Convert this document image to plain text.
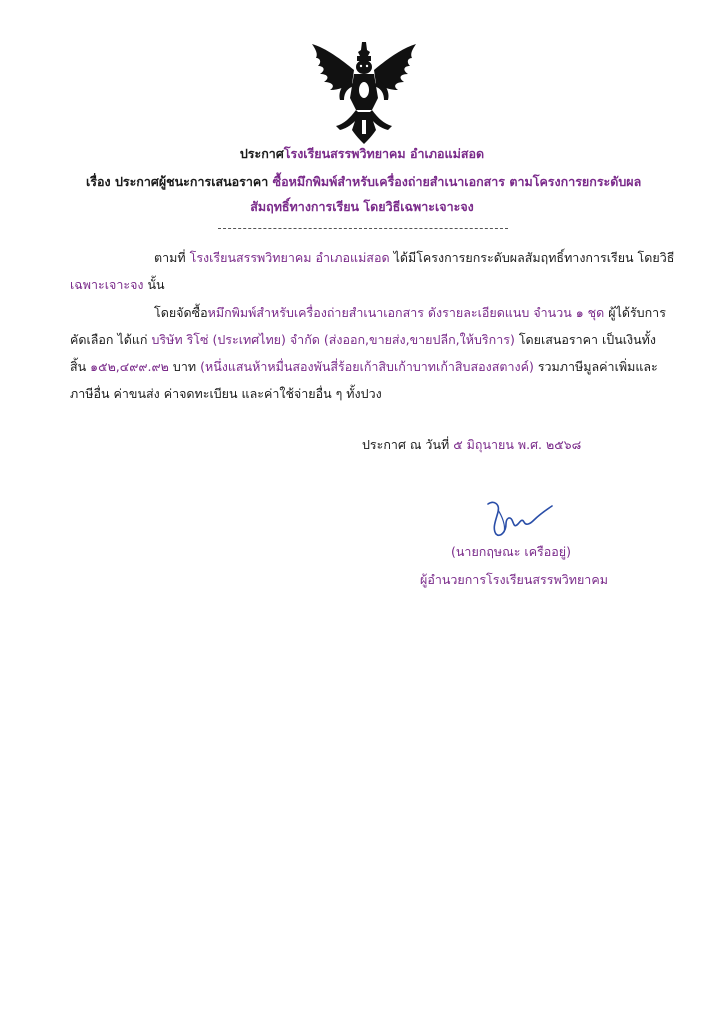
ประกาศโรงเรียนสรรพวิทยาคม อำเภอแม่สอด
เรื่อง ประกาศผู้ชนะการเสนอราคา ซื้อหมึกพิมพ์สำหรับเครื่องถ่ายสำเนาเอกสาร ตามโครงการยกระดับผล
สัมฤทธิ์ทางการเรียน โดยวิธีเฉพาะเจาะจง
ตามที่ โรงเรียนสรรพวิทยาคม อำเภอแม่สอด ได้มีโครงการยกระดับผลสัมฤทธิ์ทางการเรียน โดยวิธี
เฉพาะเจาะจง นั้น
โดยจัดซื้อหมึกพิมพ์สำหรับเครื่องถ่ายสำเนาเอกสาร ดังรายละเอียดแนบ จำนวน ๑ ชุด ผู้ได้รับการ
คัดเลือก ได้แก่ บริษัท ริโซ่ (ประเทศไทย) จำกัด (ส่งออก,ขายส่ง,ขายปลีก,ให้บริการ) โดยเสนอราคา เป็นเงินทั้ง
สิ้น ๑๕๒,๔๙๙.๙๒ บาท (หนึ่งแสนห้าหมื่นสองพันสี่ร้อยเก้าสิบเก้าบาทเก้าสิบสองสตางค์) รวมภาษีมูลค่าเพิ่มและ
ภาษีอื่น ค่าขนส่ง ค่าจดทะเบียน และค่าใช้จ่ายอื่น ๆ ทั้งปวง
ประกาศ ณ วันที่ ๕ มิถุนายน พ.ศ. ๒๕๖๘
(นายกฤษณะ เครืออยู่)
ผู้อำนวยการโรงเรียนสรรพวิทยาคม
